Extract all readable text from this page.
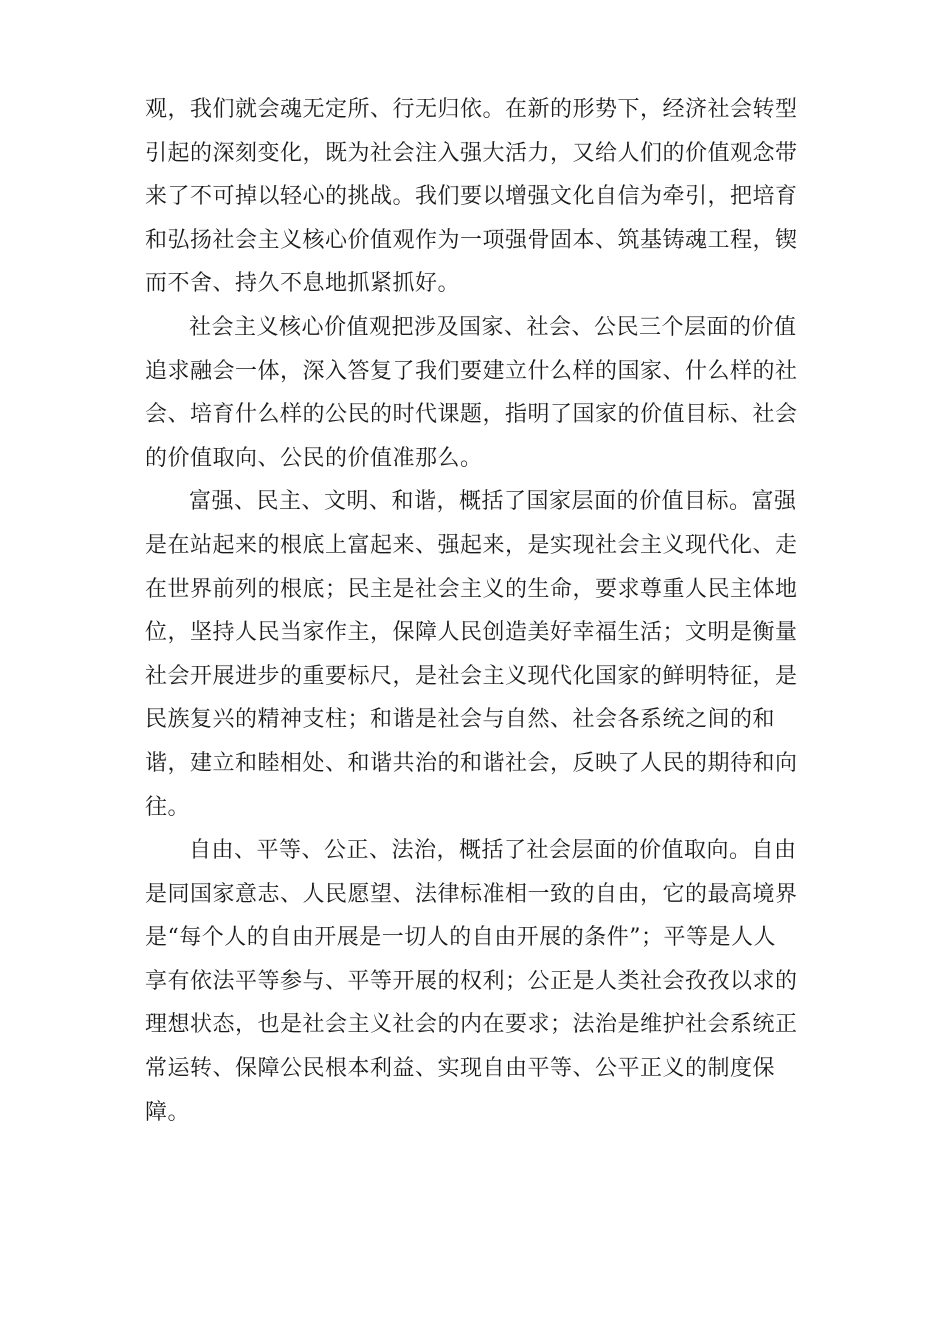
观，我们就会魂无定所、行无归依。在新的形势下，经济社会转型
引起的深刻变化，既为社会注入强大活力，又给人们的价值观念带
来了不可掉以轻心的挑战。我们要以增强文化自信为牵引，把培育
和弘扬社会主义核心价值观作为一项强骨固本、筑基铸魂工程，锲
而不舍、持久不息地抓紧抓好。

社会主义核心价值观把涉及国家、社会、公民三个层面的价值
追求融会一体，深入答复了我们要建立什么样的国家、什么样的社
会、培育什么样的公民的时代课题，指明了国家的价值目标、社会
的价值取向、公民的价值准那么。

富强、民主、文明、和谐，概括了国家层面的价值目标。富强
是在站起来的根底上富起来、强起来，是实现社会主义现代化、走
在世界前列的根底；民主是社会主义的生命，要求尊重人民主体地
位，坚持人民当家作主，保障人民创造美好幸福生活；文明是衡量
社会开展进步的重要标尺，是社会主义现代化国家的鲜明特征，是
民族复兴的精神支柱；和谐是社会与自然、社会各系统之间的和
谐，建立和睦相处、和谐共治的和谐社会，反映了人民的期待和向
往。

自由、平等、公正、法治，概括了社会层面的价值取向。自由
是同国家意志、人民愿望、法律标准相一致的自由，它的最高境界
是“每个人的自由开展是一切人的自由开展的条件”；平等是人人
享有依法平等参与、平等开展的权利；公正是人类社会孜孜以求的
理想状态，也是社会主义社会的内在要求；法治是维护社会系统正
常运转、保障公民根本利益、实现自由平等、公平正义的制度保
障。
